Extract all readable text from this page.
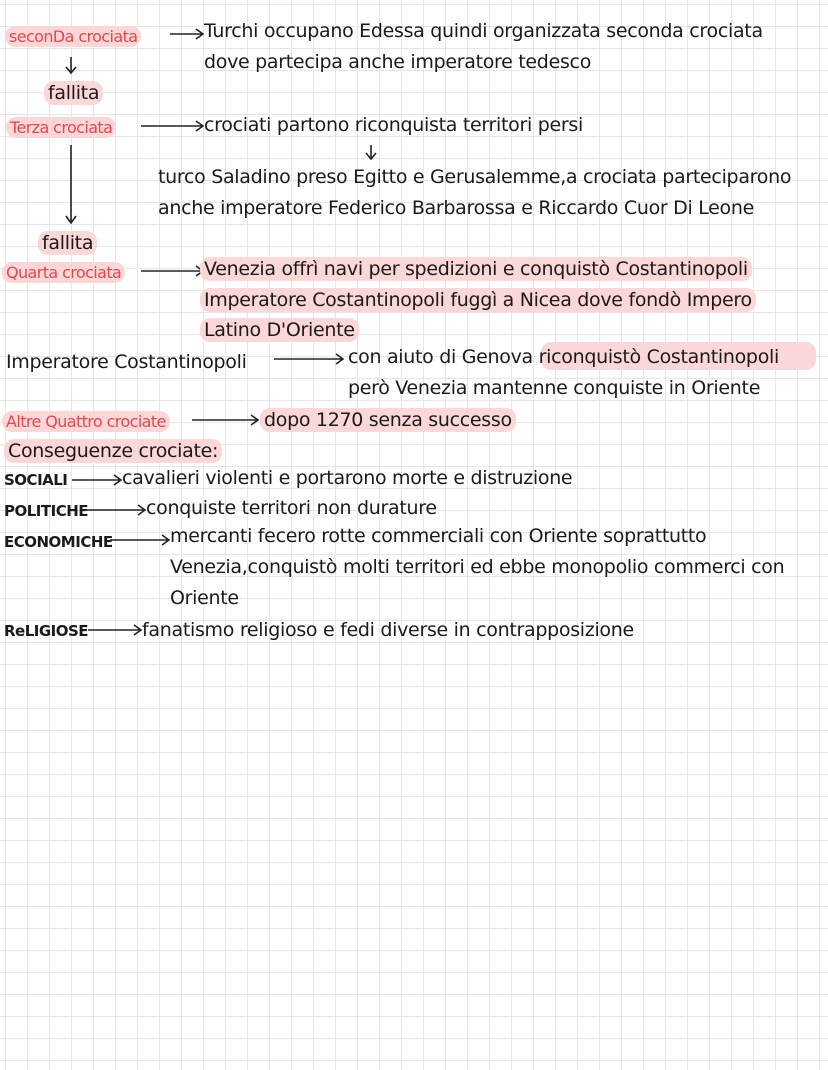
seconDa crociata	Turchi occupano Edessa quindi organizzata seconda crociata
dove partecipa anche imperatore tedesco
fallita
Terza crociata	crociati partono riconquista territori persi
turco Saladino preso Egitto e Gerusalemme,a crociata parteciparono
anche imperatore Federico Barbarossa e Riccardo Cuor Di Leone
fallita
Quarta crociata	Venezia offrì navi per spedizioni e conquistò Costantinopoli
Imperatore Costantinopoli fuggì a Nicea dove fondò Impero
Latino D'Oriente
Imperatore Costantinopoli	con aiuto di Genova riconquistò Costantinopoli
però Venezia mantenne conquiste in Oriente
Altre Quattro crociate	dopo 1270 senza successo
Conseguenze crociate:
SOCIALI	cavalieri violenti e portarono morte e distruzione
POLITICHE	conquiste territori non durature
ECONOMICHE	mercanti fecero rotte commerciali con Oriente soprattutto
Venezia,conquistò molti territori ed ebbe monopolio commerci con
Oriente
ReLIGIOSE	fanatismo religioso e fedi diverse in contrapposizione
